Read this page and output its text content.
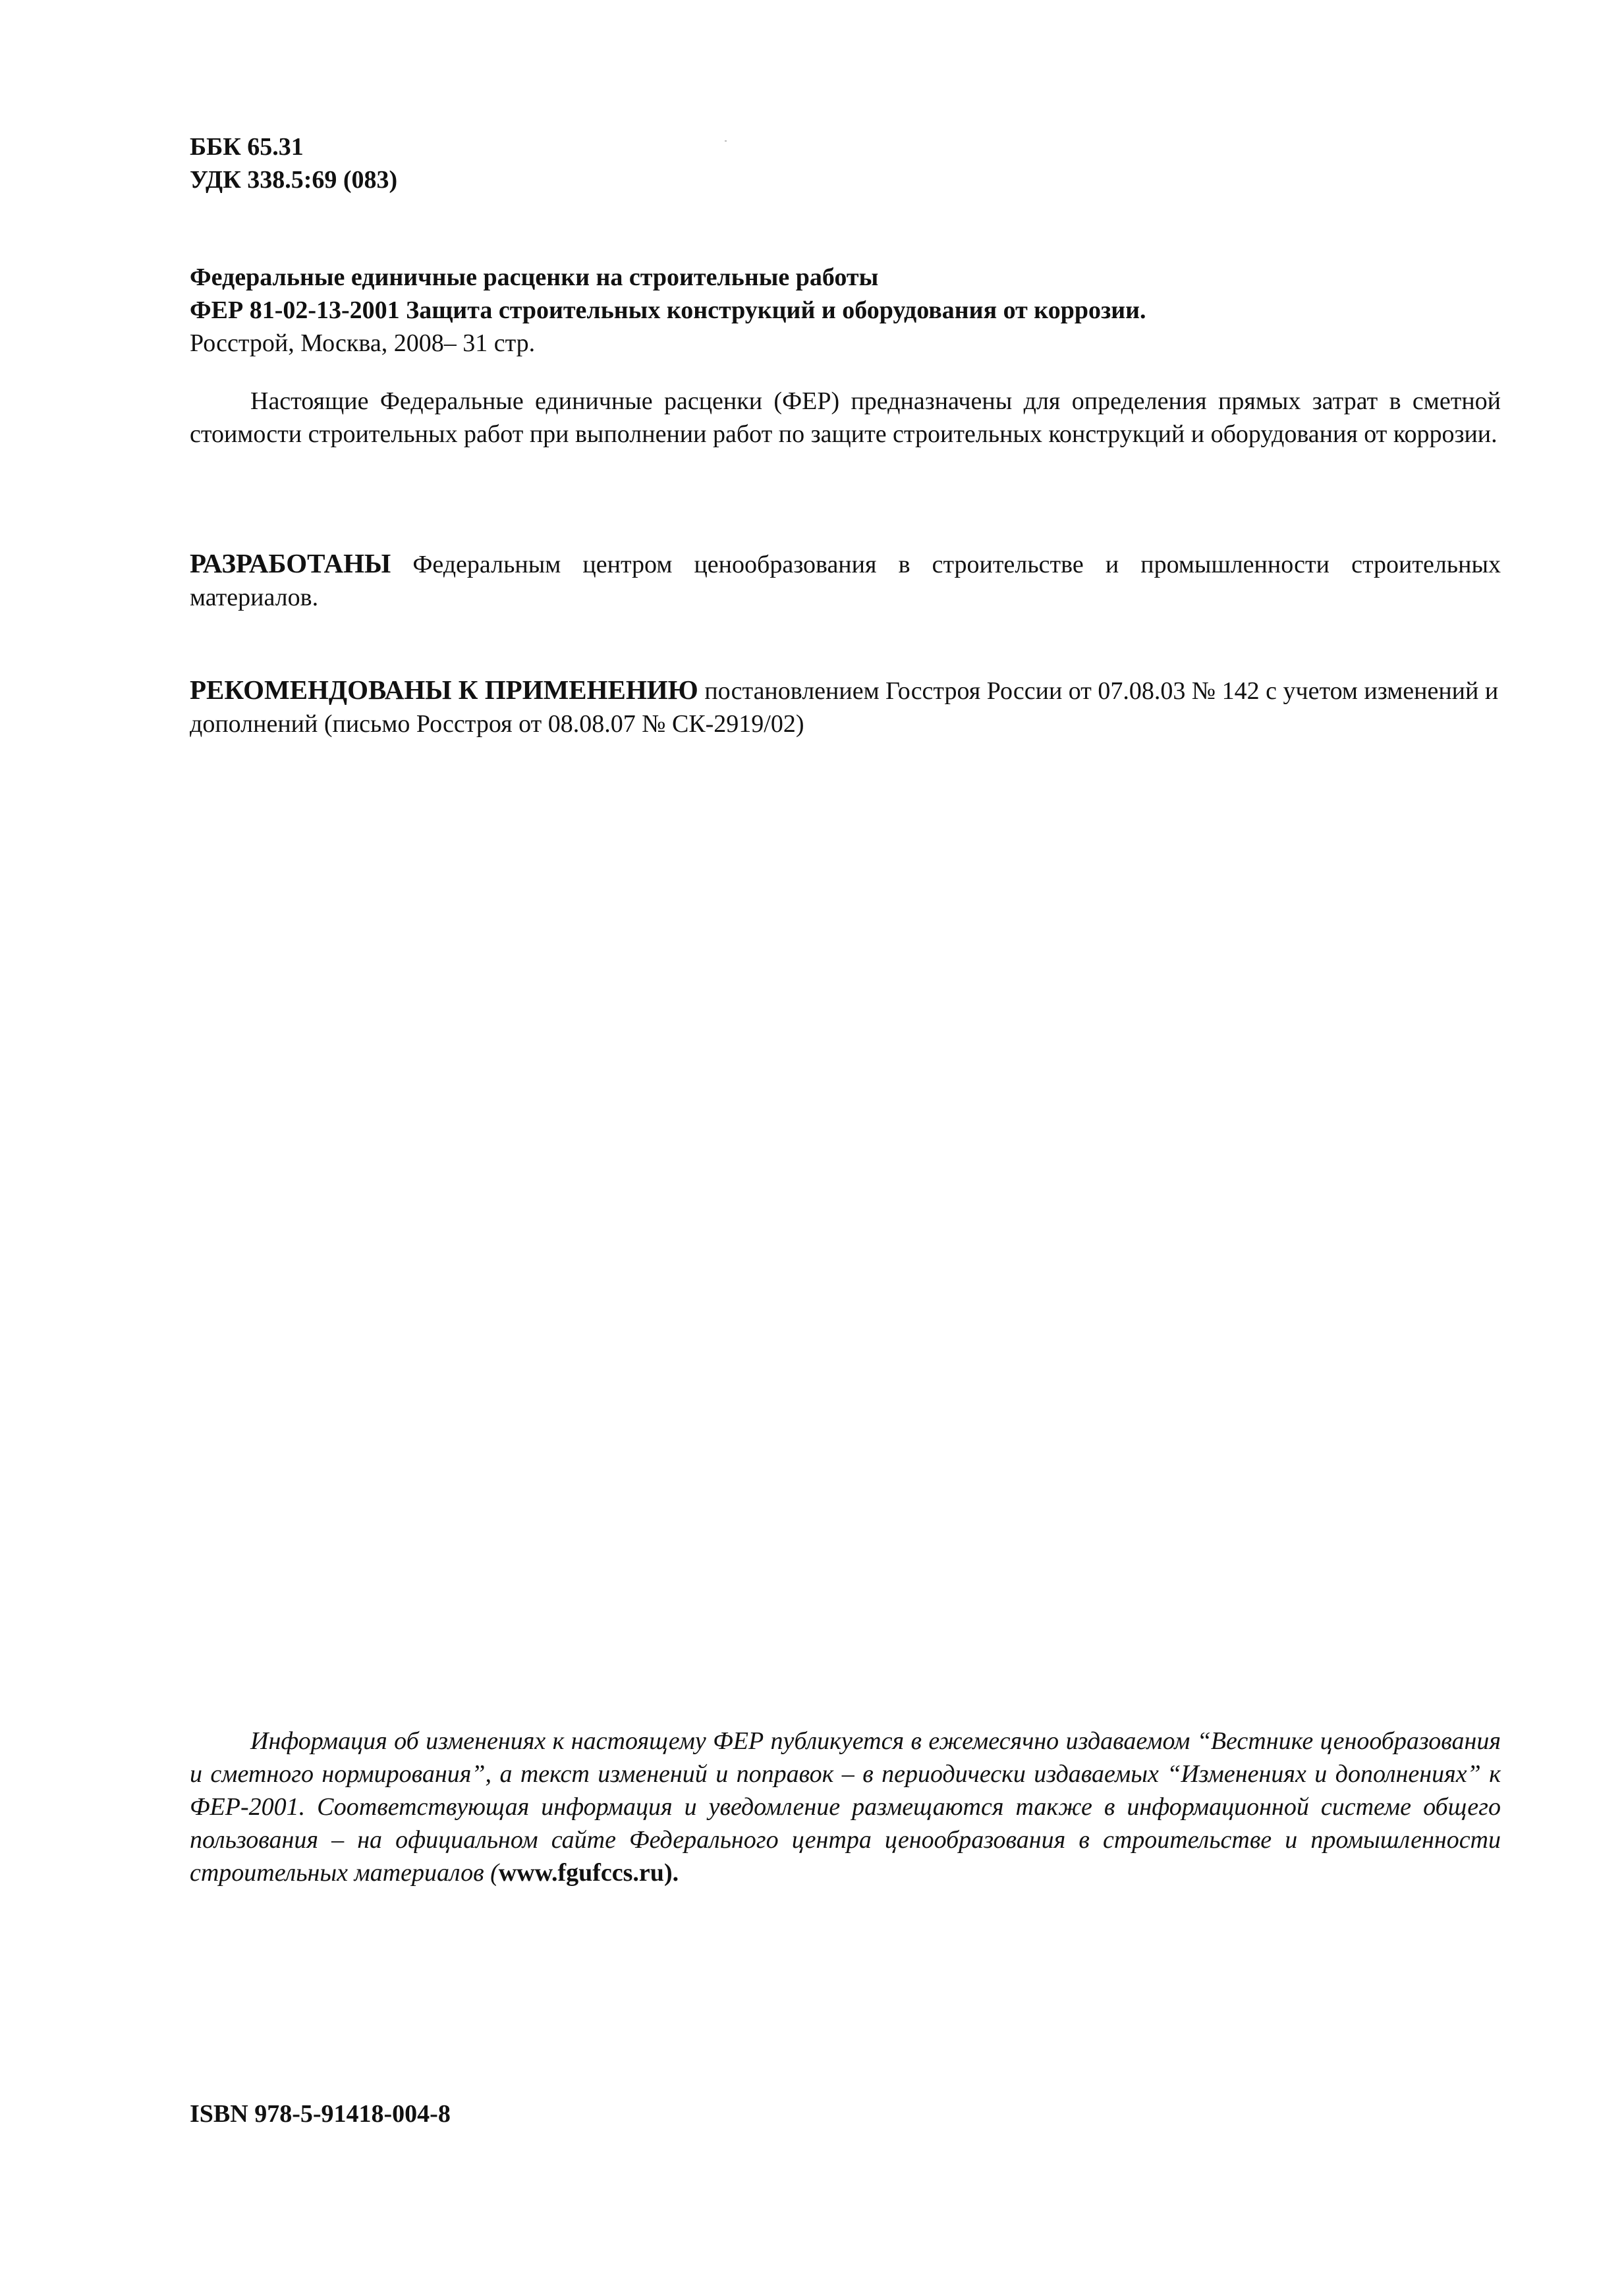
ББК 65.31
УДК 338.5:69 (083)
Федеральные единичные расценки на строительные работы
ФЕР 81-02-13-2001 Защита строительных конструкций и оборудования от коррозии.
Росстрой, Москва, 2008– 31 стр.
Настоящие Федеральные единичные расценки (ФЕР) предназначены для определения прямых затрат в сметной стоимости строительных работ при выполнении работ по защите строительных конструкций и оборудования от коррозии.
РАЗРАБОТАНЫ Федеральным центром ценообразования в строительстве и промышленности строительных материалов.
РЕКОМЕНДОВАНЫ К ПРИМЕНЕНИЮ постановлением Госстроя России от 07.08.03 № 142 с учетом изменений и дополнений (письмо Росстроя от 08.08.07 № СК-2919/02)
Информация об изменениях к настоящему ФЕР публикуется в ежемесячно издаваемом “Вестнике ценообразования и сметного нормирования”, а текст изменений и поправок – в периодически издаваемых “Изменениях и дополнениях” к ФЕР-2001. Соответствующая информация и уведомление размещаются также в информационной системе общего пользования – на официальном сайте Федерального центра ценообразования в строительстве и промышленности строительных материалов (www.fgufccs.ru).
ISBN 978-5-91418-004-8
